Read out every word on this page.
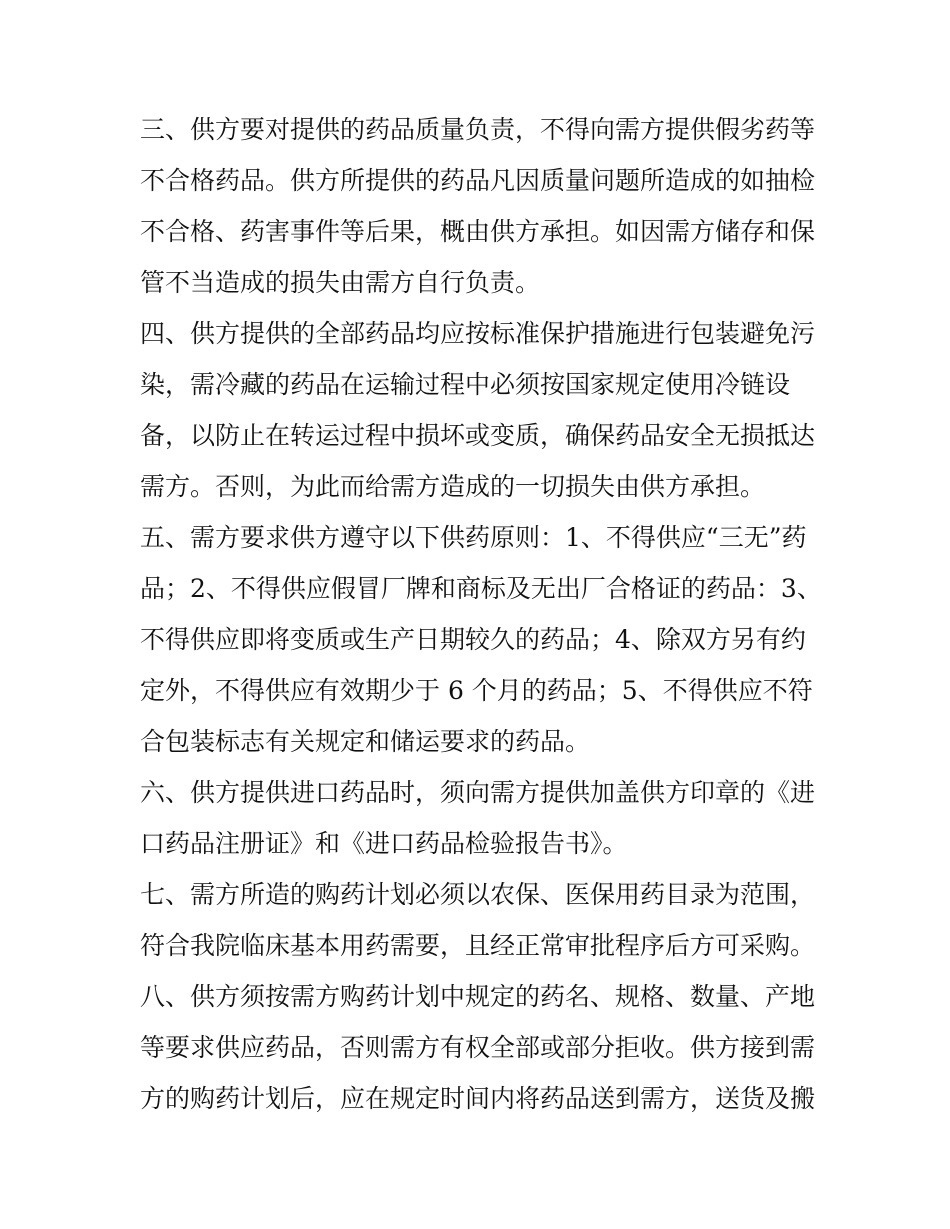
三、供方要对提供的药品质量负责，不得向需方提供假劣药等
不合格药品。供方所提供的药品凡因质量问题所造成的如抽检
不合格、药害事件等后果，概由供方承担。如因需方储存和保
管不当造成的损失由需方自行负责。
四、供方提供的全部药品均应按标准保护措施进行包装避免污
染，需冷藏的药品在运输过程中必须按国家规定使用冷链设
备，以防止在转运过程中损坏或变质，确保药品安全无损抵达
需方。否则，为此而给需方造成的一切损失由供方承担。
五、需方要求供方遵守以下供药原则：1、不得供应“三无”药
品；2、不得供应假冒厂牌和商标及无出厂合格证的药品：3、
不得供应即将变质或生产日期较久的药品；4、除双方另有约
定外，不得供应有效期少于 6 个月的药品；5、不得供应不符
合包装标志有关规定和储运要求的药品。
六、供方提供进口药品时，须向需方提供加盖供方印章的《进
口药品注册证》和《进口药品检验报告书》。
七、需方所造的购药计划必须以农保、医保用药目录为范围，
符合我院临床基本用药需要，且经正常审批程序后方可采购。
八、供方须按需方购药计划中规定的药名、规格、数量、产地
等要求供应药品，否则需方有权全部或部分拒收。供方接到需
方的购药计划后，应在规定时间内将药品送到需方，送货及搬
